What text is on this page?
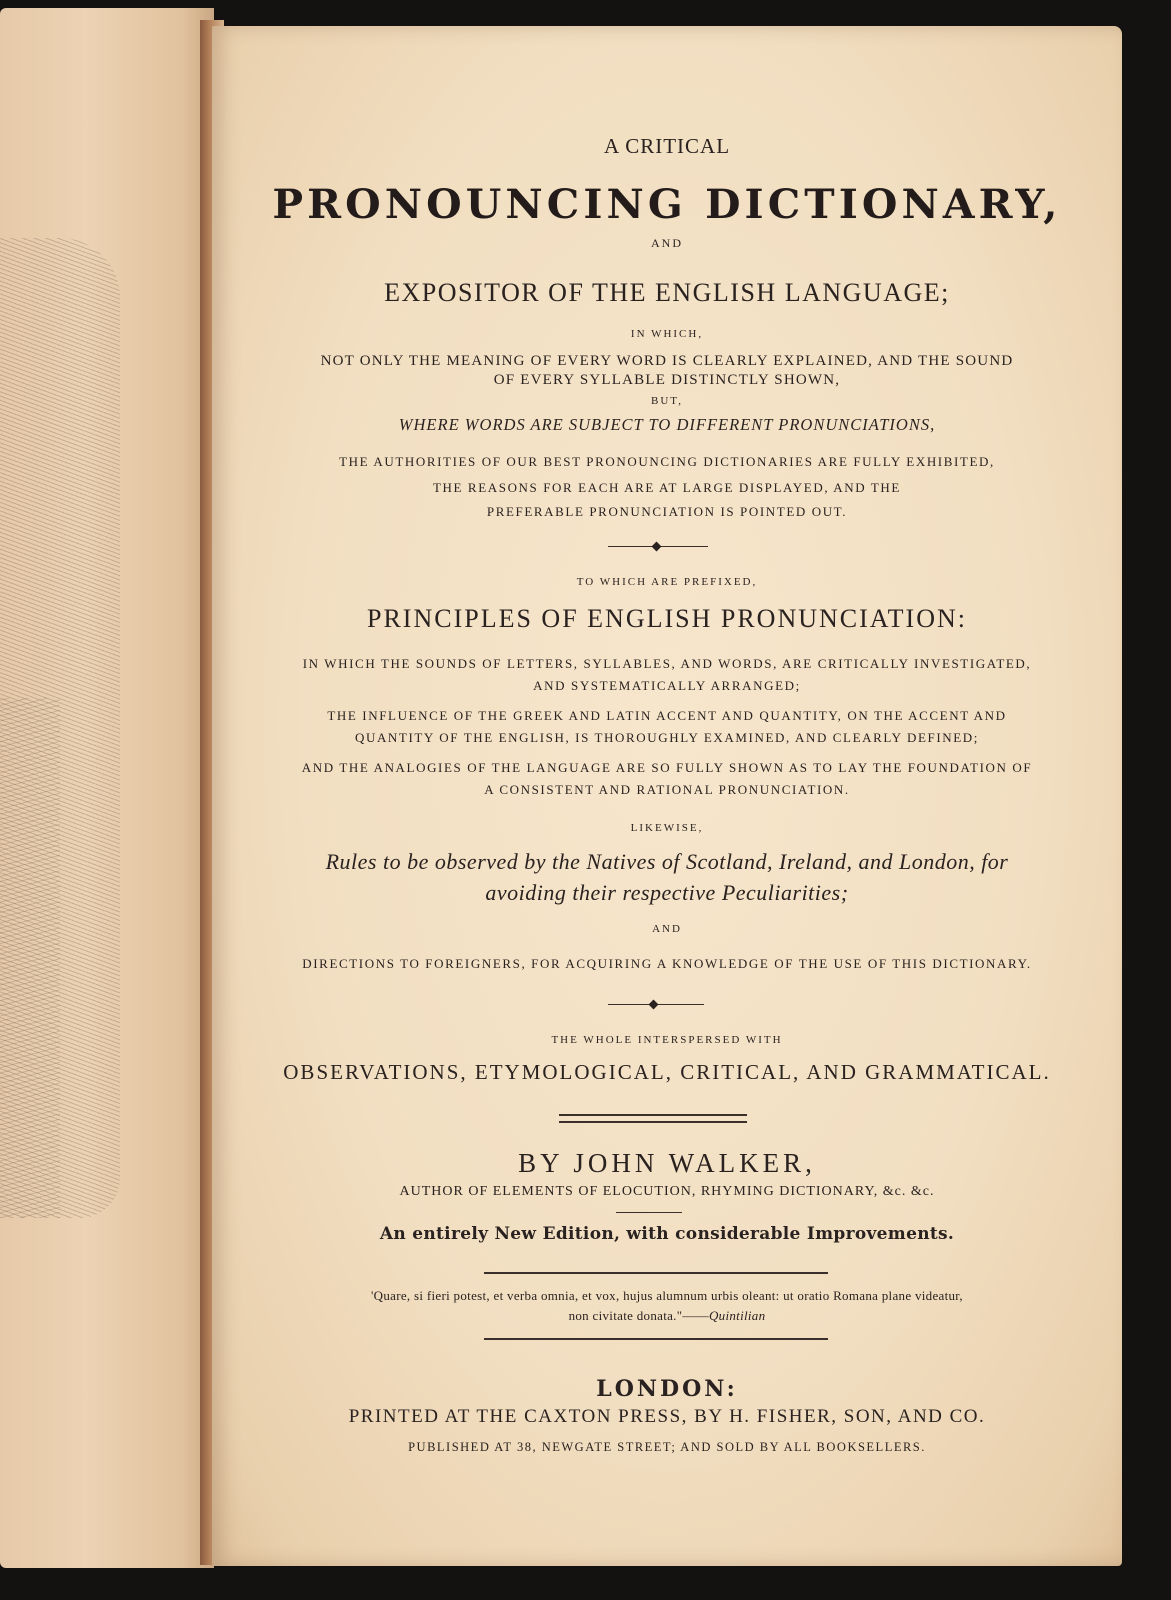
A CRITICAL
PRONOUNCING DICTIONARY,
AND
EXPOSITOR OF THE ENGLISH LANGUAGE;
IN WHICH,
NOT ONLY THE MEANING OF EVERY WORD IS CLEARLY EXPLAINED, AND THE SOUND
OF EVERY SYLLABLE DISTINCTLY SHOWN,
BUT,
WHERE WORDS ARE SUBJECT TO DIFFERENT PRONUNCIATIONS,
THE AUTHORITIES OF OUR BEST PRONOUNCING DICTIONARIES ARE FULLY EXHIBITED,
THE REASONS FOR EACH ARE AT LARGE DISPLAYED, AND THE
PREFERABLE PRONUNCIATION IS POINTED OUT.
TO WHICH ARE PREFIXED,
PRINCIPLES OF ENGLISH PRONUNCIATION:
IN WHICH THE SOUNDS OF LETTERS, SYLLABLES, AND WORDS, ARE CRITICALLY INVESTIGATED,
AND SYSTEMATICALLY ARRANGED;
THE INFLUENCE OF THE GREEK AND LATIN ACCENT AND QUANTITY, ON THE ACCENT AND
QUANTITY OF THE ENGLISH, IS THOROUGHLY EXAMINED, AND CLEARLY DEFINED;
AND THE ANALOGIES OF THE LANGUAGE ARE SO FULLY SHOWN AS TO LAY THE FOUNDATION OF
A CONSISTENT AND RATIONAL PRONUNCIATION.
LIKEWISE,
Rules to be observed by the Natives of Scotland, Ireland, and London, for
avoiding their respective Peculiarities;
AND
DIRECTIONS TO FOREIGNERS, FOR ACQUIRING A KNOWLEDGE OF THE USE OF THIS DICTIONARY.
THE WHOLE INTERSPERSED WITH
OBSERVATIONS, ETYMOLOGICAL, CRITICAL, AND GRAMMATICAL.
BY JOHN WALKER,
AUTHOR OF ELEMENTS OF ELOCUTION, RHYMING DICTIONARY, &c. &c.
An entirely New Edition, with considerable Improvements.
'Quare, si fieri potest, et verba omnia, et vox, hujus alumnum urbis oleant: ut oratio Romana plane videatur,
non civitate donata."——Quintilian
LONDON:
PRINTED AT THE CAXTON PRESS, BY H. FISHER, SON, AND CO.
PUBLISHED AT 38, NEWGATE STREET; AND SOLD BY ALL BOOKSELLERS.
